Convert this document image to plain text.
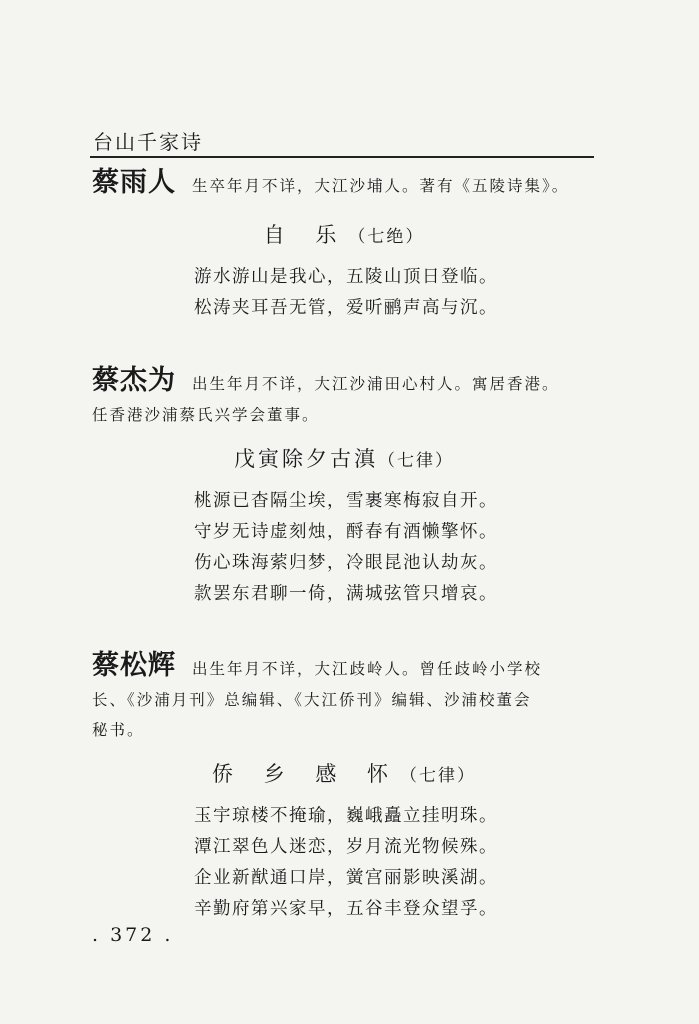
台山千家诗
蔡雨人 生卒年月不详，大江沙埔人。著有《五陵诗集》。
自 乐（七绝）
游水游山是我心，五陵山顶日登临。
松涛夹耳吾无管，爱听鹂声高与沉。
蔡杰为 出生年月不详，大江沙浦田心村人。寓居香港。
任香港沙浦蔡氏兴学会董事。
戊寅除夕古滇（七律）
桃源已杳隔尘埃，雪裹寒梅寂自开。
守岁无诗虚刻烛，酹春有酒懒擎怀。
伤心珠海萦归梦，冷眼昆池认劫灰。
款罢东君聊一倚，满城弦管只增哀。
蔡松辉 出生年月不详，大江歧岭人。曾任歧岭小学校
长、《沙浦月刊》总编辑、《大江侨刊》编辑、沙浦校董会
秘书。
侨 乡 感 怀（七律）
玉宇琼楼不掩瑜，巍峨矗立挂明珠。
潭江翠色人迷恋，岁月流光物候殊。
企业新猷通口岸，黉宫丽影映溪湖。
辛勤府第兴家早，五谷丰登众望孚。
. 372 .
